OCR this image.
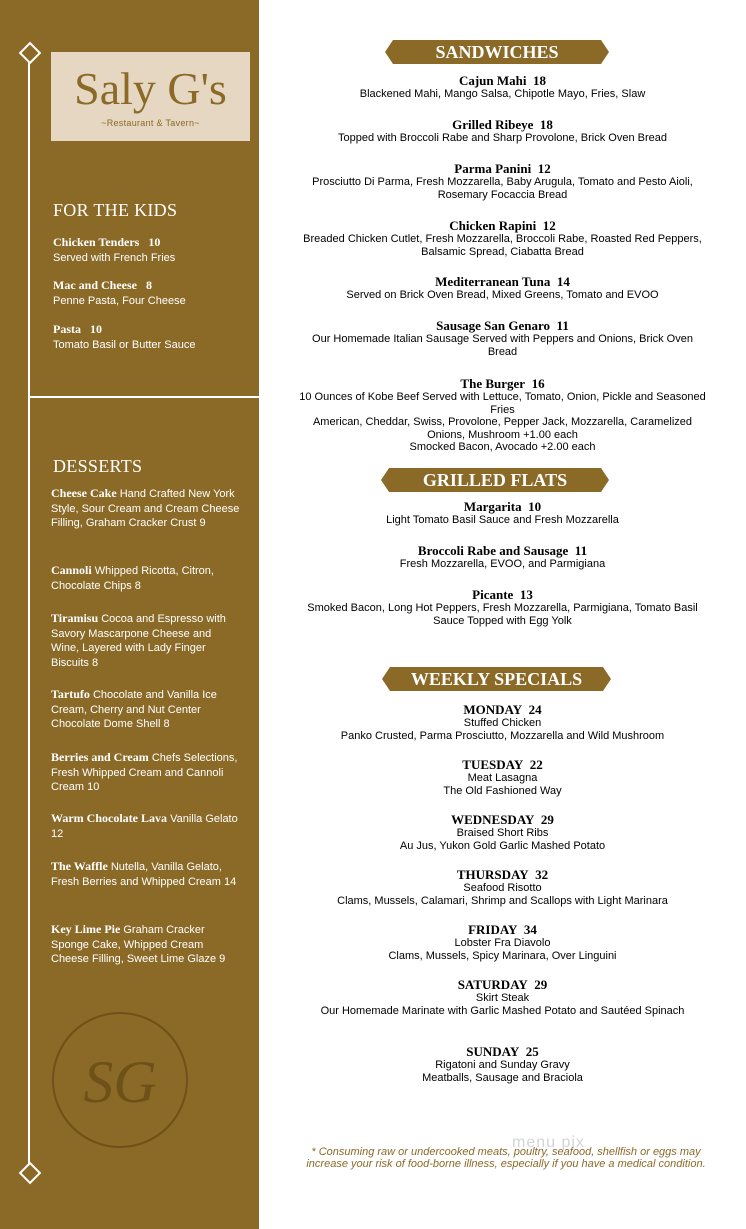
Saly G's
~Restaurant & Tavern~
FOR THE KIDS
Chicken Tenders 10
Served with French Fries
Mac and Cheese 8
Penne Pasta, Four Cheese
Pasta 10
Tomato Basil or Butter Sauce
DESSERTS
Cheese Cake Hand Crafted New York Style, Sour Cream and Cream Cheese Filling, Graham Cracker Crust 9
Cannoli Whipped Ricotta, Citron, Chocolate Chips 8
Tiramisu Cocoa and Espresso with Savory Mascarpone Cheese and Wine, Layered with Lady Finger Biscuits 8
Tartufo Chocolate and Vanilla Ice Cream, Cherry and Nut Center Chocolate Dome Shell 8
Berries and Cream Chefs Selections, Fresh Whipped Cream and Cannoli Cream 10
Warm Chocolate Lava Vanilla Gelato 12
The Waffle Nutella, Vanilla Gelato, Fresh Berries and Whipped Cream 14
Key Lime Pie Graham Cracker Sponge Cake, Whipped Cream Cheese Filling, Sweet Lime Glaze 9
SG
SANDWICHES
Cajun Mahi 18
Blackened Mahi, Mango Salsa, Chipotle Mayo, Fries, Slaw
Grilled Ribeye 18
Topped with Broccoli Rabe and Sharp Provolone, Brick Oven Bread
Parma Panini 12
Prosciutto Di Parma, Fresh Mozzarella, Baby Arugula, Tomato and Pesto Aioli, Rosemary Focaccia Bread
Chicken Rapini 12
Breaded Chicken Cutlet, Fresh Mozzarella, Broccoli Rabe, Roasted Red Peppers, Balsamic Spread, Ciabatta Bread
Mediterranean Tuna 14
Served on Brick Oven Bread, Mixed Greens, Tomato and EVOO
Sausage San Genaro 11
Our Homemade Italian Sausage Served with Peppers and Onions, Brick Oven Bread
The Burger 16
10 Ounces of Kobe Beef Served with Lettuce, Tomato, Onion, Pickle and Seasoned Fries
American, Cheddar, Swiss, Provolone, Pepper Jack, Mozzarella, Caramelized Onions, Mushroom +1.00 each
Smocked Bacon, Avocado +2.00 each
GRILLED FLATS
Margarita 10
Light Tomato Basil Sauce and Fresh Mozzarella
Broccoli Rabe and Sausage 11
Fresh Mozzarella, EVOO, and Parmigiana
Picante 13
Smoked Bacon, Long Hot Peppers, Fresh Mozzarella, Parmigiana, Tomato Basil Sauce Topped with Egg Yolk
WEEKLY SPECIALS
MONDAY 24
Stuffed Chicken
Panko Crusted, Parma Prosciutto, Mozzarella and Wild Mushroom
TUESDAY 22
Meat Lasagna
The Old Fashioned Way
WEDNESDAY 29
Braised Short Ribs
Au Jus, Yukon Gold Garlic Mashed Potato
THURSDAY 32
Seafood Risotto
Clams, Mussels, Calamari, Shrimp and Scallops with Light Marinara
FRIDAY 34
Lobster Fra Diavolo
Clams, Mussels, Spicy Marinara, Over Linguini
SATURDAY 29
Skirt Steak
Our Homemade Marinate with Garlic Mashed Potato and Sautéed Spinach
SUNDAY 25
Rigatoni and Sunday Gravy
Meatballs, Sausage and Braciola
* Consuming raw or undercooked meats, poultry, seafood, shellfish or eggs may increase your risk of food-borne illness, especially if you have a medical condition.
menu pix
